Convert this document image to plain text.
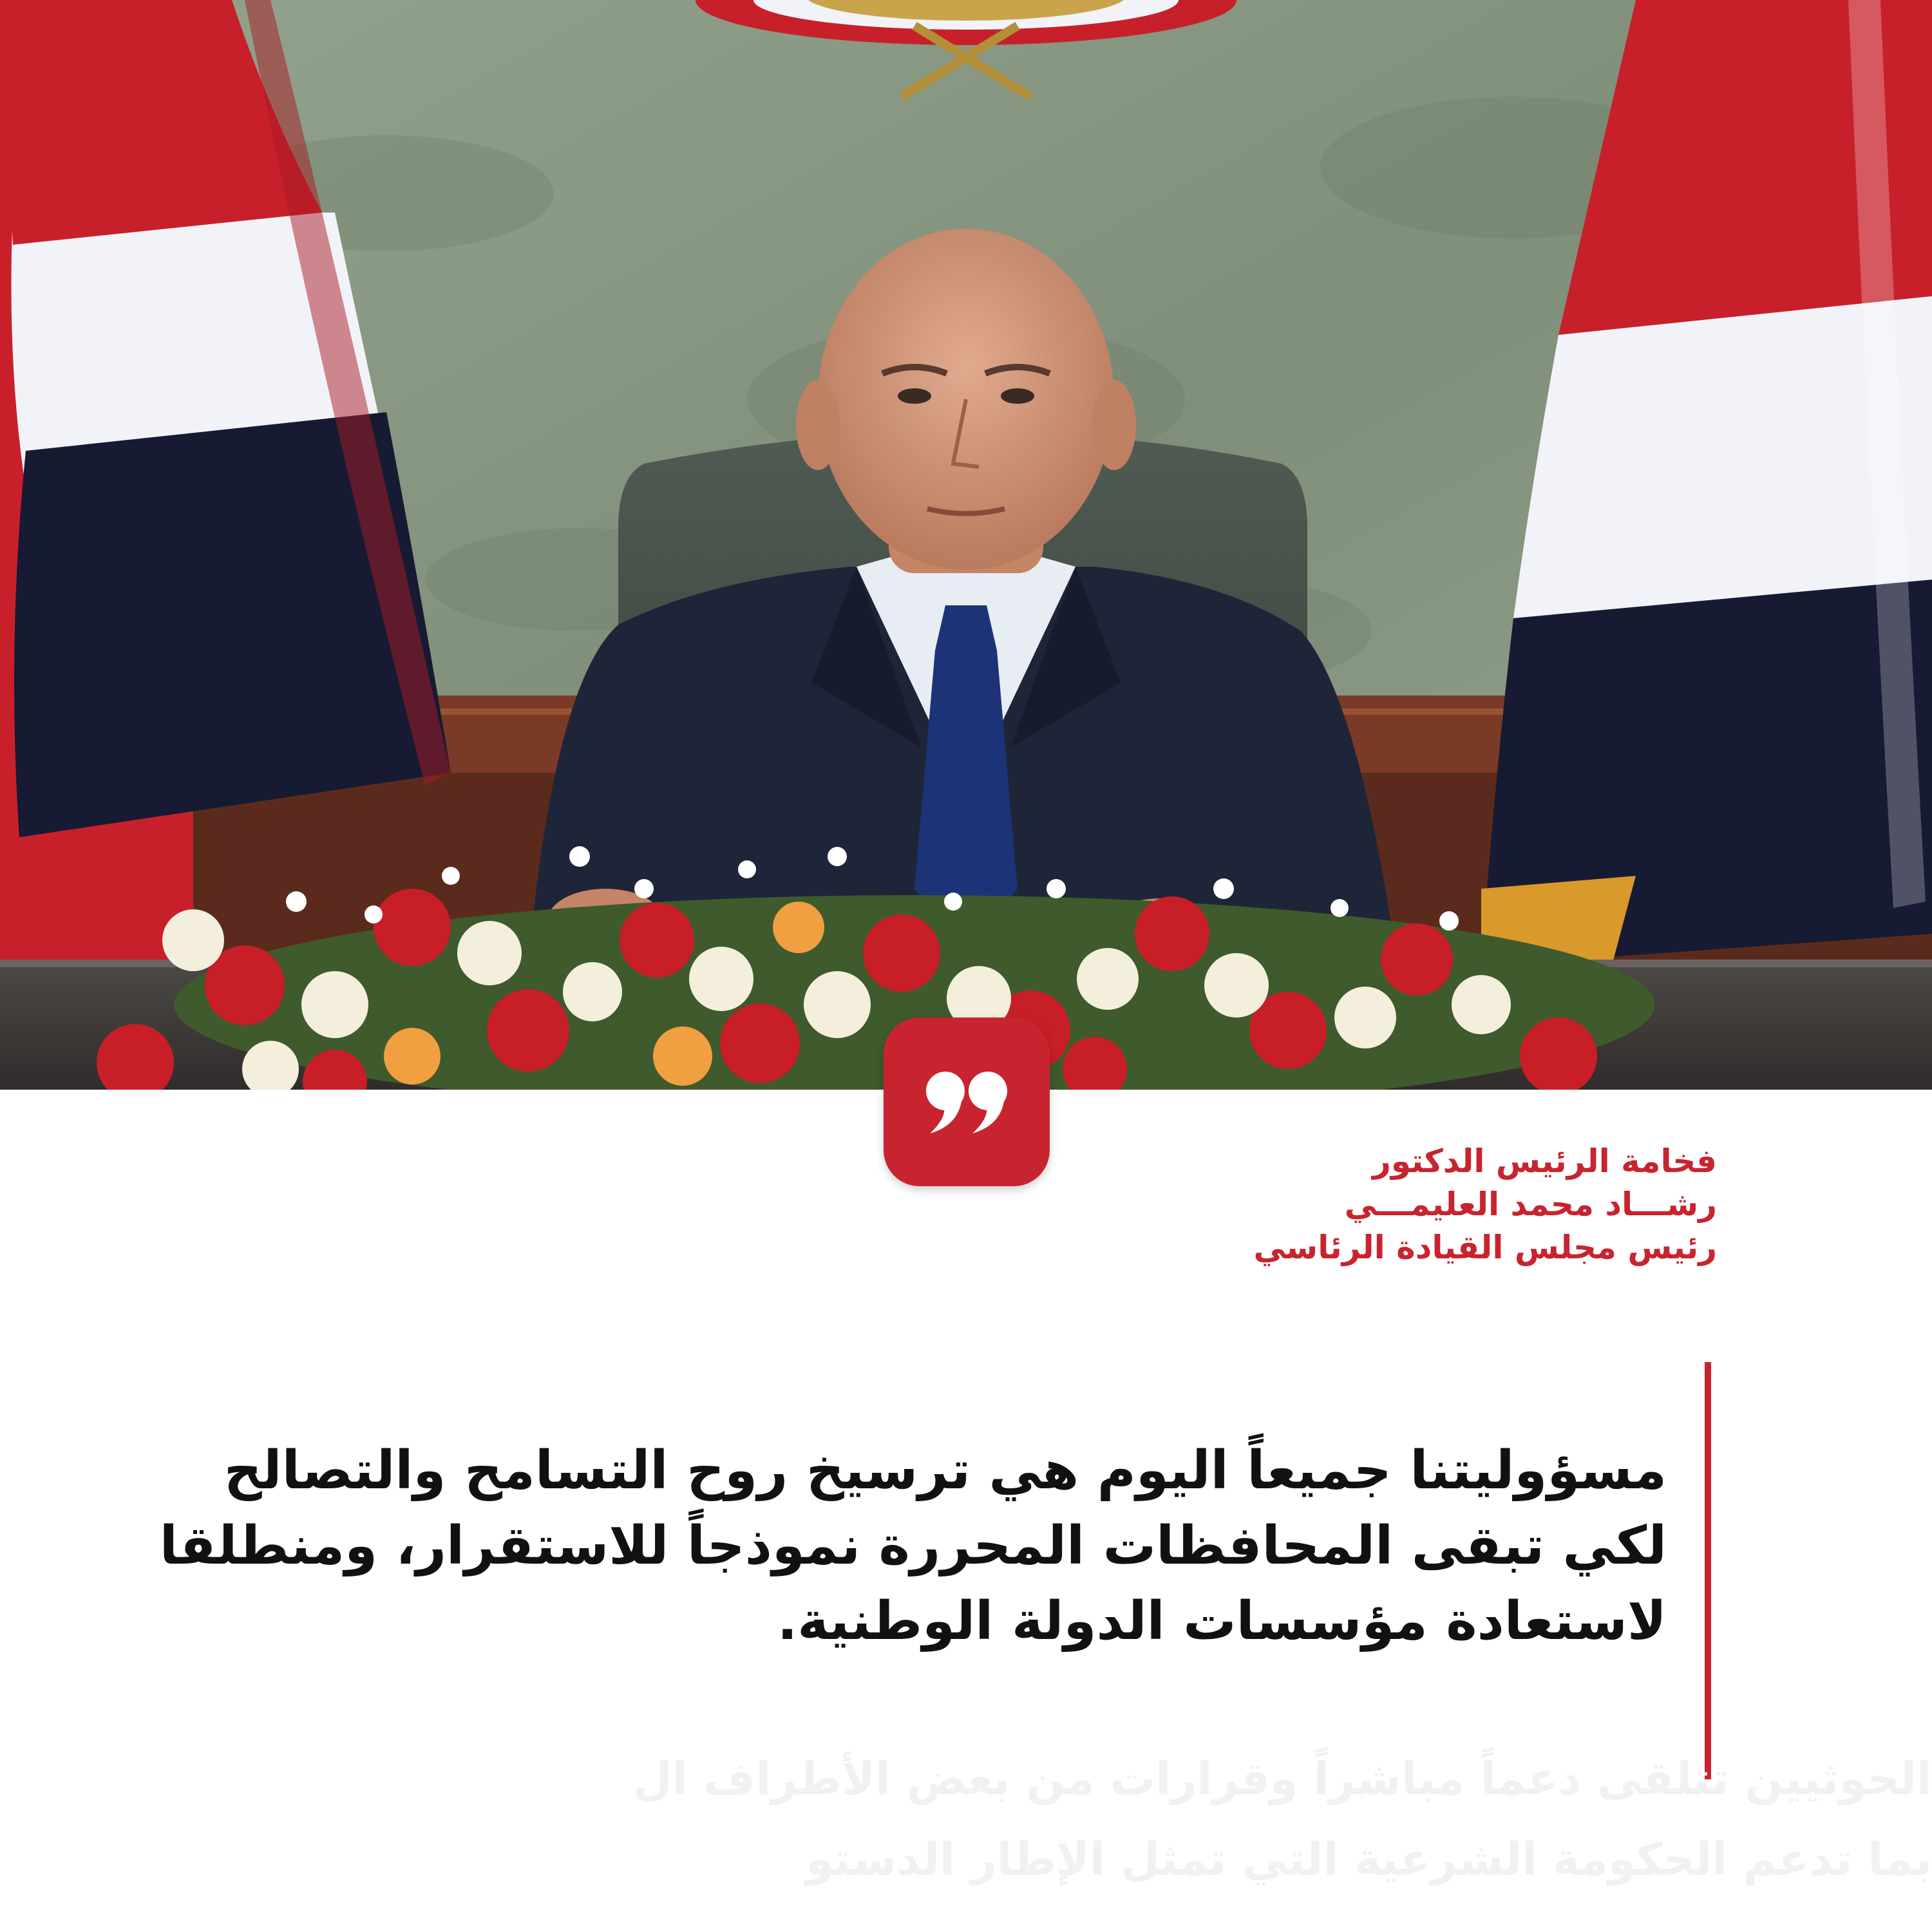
فخامة الرئيس الدكتور
رشـــاد محمد العليمـــي
رئيس مجلس القيادة الرئاسي
مسؤوليتنا جميعاً اليوم هي ترسيخ روح التسامح والتصالح
لكي تبقى المحافظات المحررة نموذجاً للاستقرار، ومنطلقا
لاستعادة مؤسسات الدولة الوطنية.
الحوثيين تتلقى دعماً مباشراً وقرارات من بعض الأطراف ال
بما تدعم الحكومة الشرعية التي تمثل الإطار الدستو
